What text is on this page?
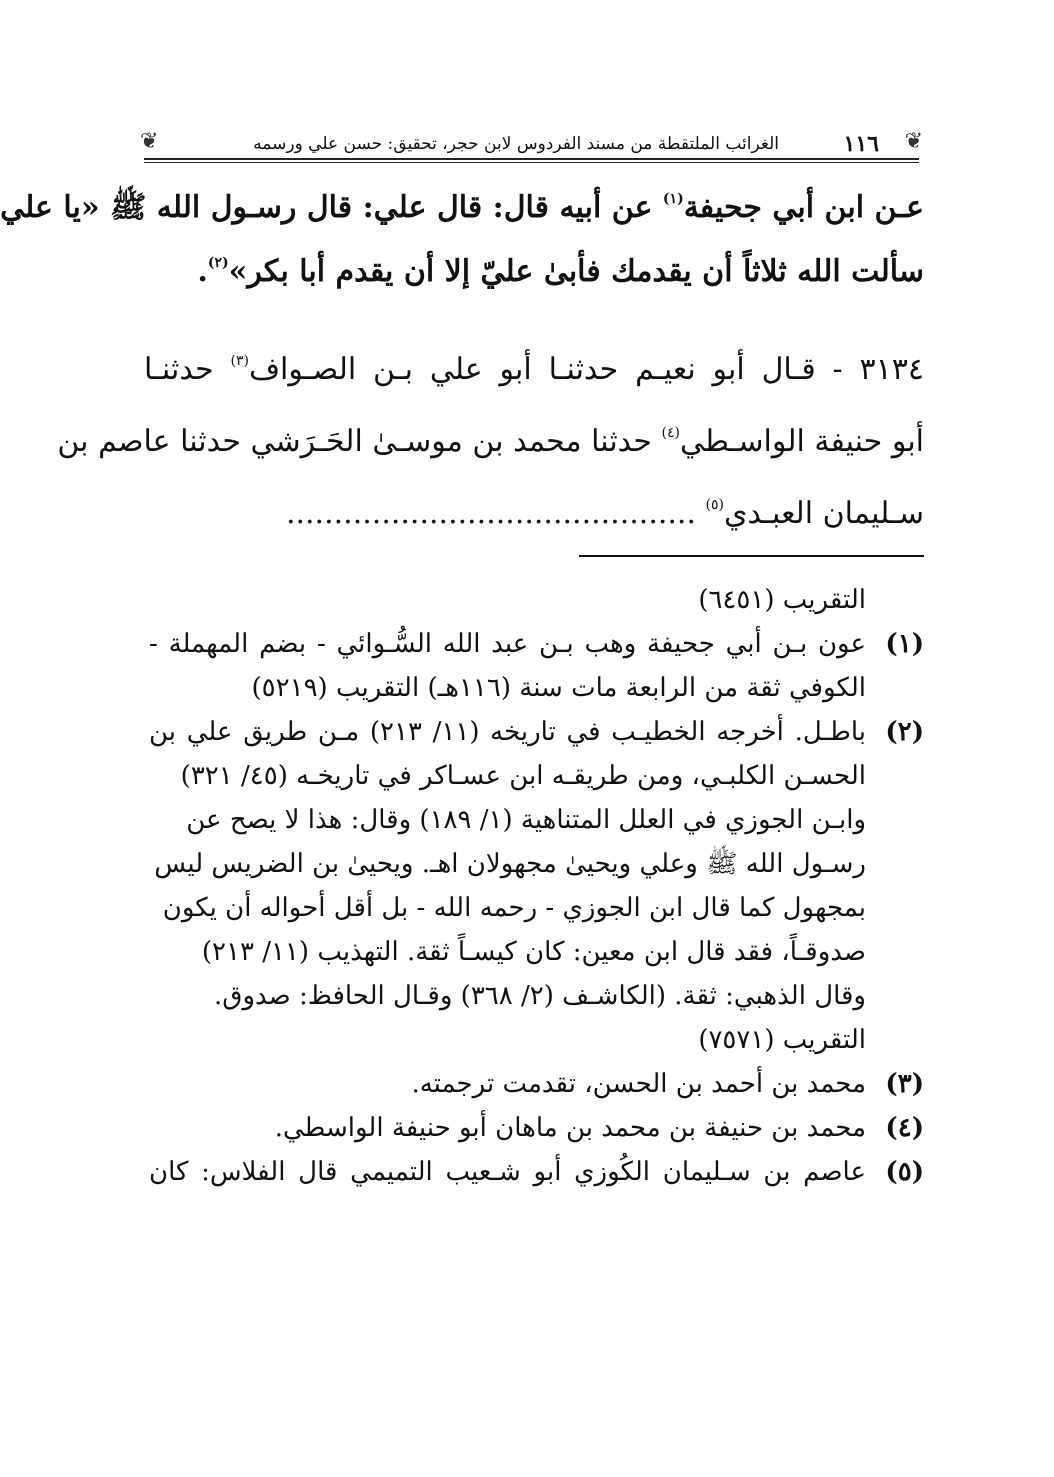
❦
١١٦
الغرائب الملتقطة من مسند الفردوس لابن حجر، تحقيق: حسن علي ورسمه
❦
عـن ابن أبي جحيفة$^{(١)}$ عن أبيه قال: قال علي: قال رسـول الله ﷺ «يا علي
سألت الله ثلاثاً أن يقدمك فأبىٰ عليّ إلا أن يقدم أبا بكر»$^{(٢)}$.
٣١٣٤ - قـال أبو نعيـم حدثنـا أبو علي بـن الصـواف$^{(٣)}$ حدثنـا
أبو حنيفة الواسـطي$^{(٤)}$ حدثنا محمد بن موسـىٰ الحَـرَشي حدثنا عاصم بن
سـليمان العبـدي$^{(٥)}$ ...........................................
التقريب (٦٤٥١)
(١)عون بـن أبي جحيفة وهب بـن عبد الله السُّـوائي - بضم المهملة -
الكوفي ثقة من الرابعة مات سنة (١١٦هـ) التقريب (٥٢١٩)
(٢)باطـل. أخرجه الخطيـب في تاريخه (١١/ ٢١٣) مـن طريق علي بن
الحسـن الكلبـي، ومن طريقـه ابن عسـاكر في تاريخـه (٤٥/ ٣٢١)
وابـن الجوزي في العلل المتناهية (١/ ١٨٩) وقال: هذا لا يصح عن
رسـول الله ﷺ وعلي ويحيىٰ مجهولان اهـ. ويحيىٰ بن الضريس ليس
بمجهول كما قال ابن الجوزي - رحمه الله - بل أقل أحواله أن يكون
صدوقـاً، فقد قال ابن معين: كان كيسـاً ثقة. التهذيب (١١/ ٢١٣)
وقال الذهبي: ثقة. (الكاشـف (٢/ ٣٦٨) وقـال الحافظ: صدوق.
التقريب (٧٥٧١)
(٣)محمد بن أحمد بن الحسن، تقدمت ترجمته.
(٤)محمد بن حنيفة بن محمد بن ماهان أبو حنيفة الواسطي.
(٥)عاصم بن سـليمان الكُوزي أبو شـعيب التميمي قال الفلاس: كان
